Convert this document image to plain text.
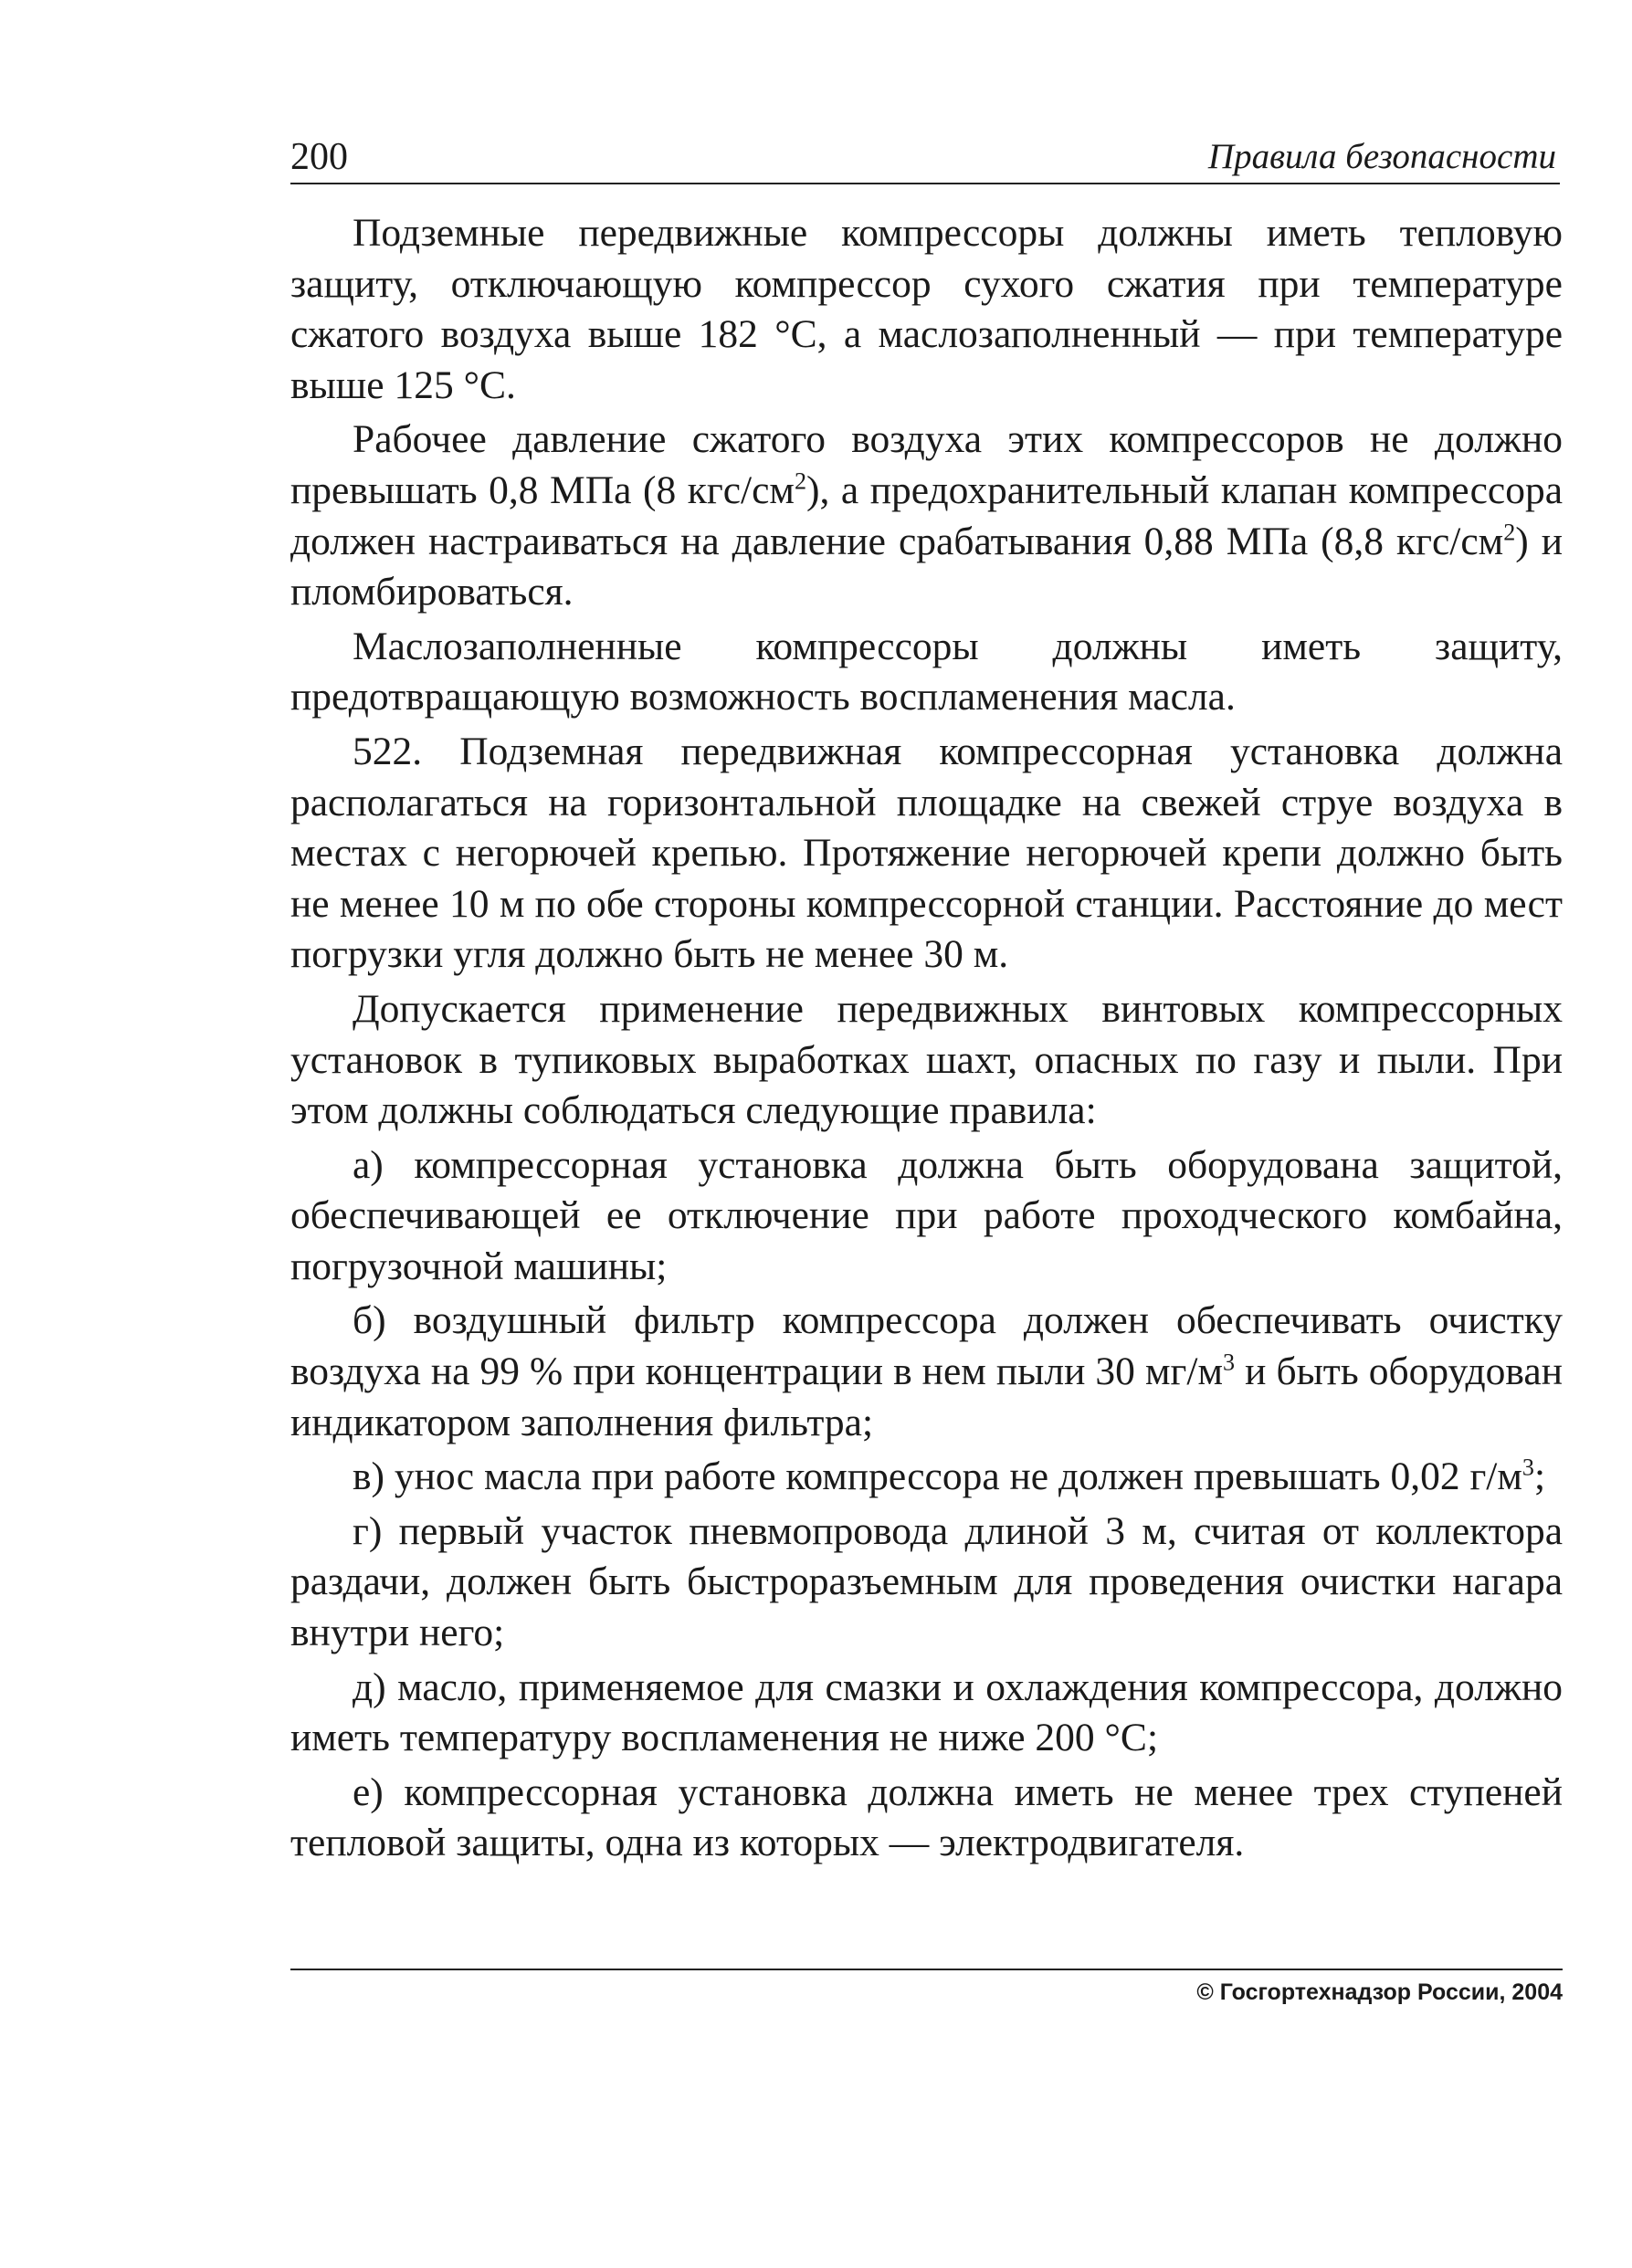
200	Правила безопасности

Подземные передвижные компрессоры должны иметь тепловую защиту, отключающую компрессор сухого сжатия при температуре сжатого воздуха выше 182 °С, а маслозаполненный — при температуре выше 125 °С.

Рабочее давление сжатого воздуха этих компрессоров не должно превышать 0,8 МПа (8 кгс/$см^2$), а предохранительный клапан компрессора должен настраиваться на давление срабатывания 0,88 МПа (8,8 кгс/$см^2$) и пломбироваться.

Маслозаполненные компрессоры должны иметь защиту, предотвращающую возможность воспламенения масла.

522. Подземная передвижная компрессорная установка должна располагаться на горизонтальной площадке на свежей струе воздуха в местах с негорючей крепью. Протяжение негорючей крепи должно быть не менее 10 м по обе стороны компрессорной станции. Расстояние до мест погрузки угля должно быть не менее 30 м.

Допускается применение передвижных винтовых компрессорных установок в тупиковых выработках шахт, опасных по газу и пыли. При этом должны соблюдаться следующие правила:

а) компрессорная установка должна быть оборудована защитой, обеспечивающей ее отключение при работе проходческого комбайна, погрузочной машины;

б) воздушный фильтр компрессора должен обеспечивать очистку воздуха на 99 % при концентрации в нем пыли 30 $мг/м^3$ и быть оборудован индикатором заполнения фильтра;

в) унос масла при работе компрессора не должен превышать 0,02 $г/м^3$;

г) первый участок пневмопровода длиной 3 м, считая от коллектора раздачи, должен быть быстроразъемным для проведения очистки нагара внутри него;

д) масло, применяемое для смазки и охлаждения компрессора, должно иметь температуру воспламенения не ниже 200 °С;

е) компрессорная установка должна иметь не менее трех ступеней тепловой защиты, одна из которых — электродвигателя.

© Госгортехнадзор России, 2004
